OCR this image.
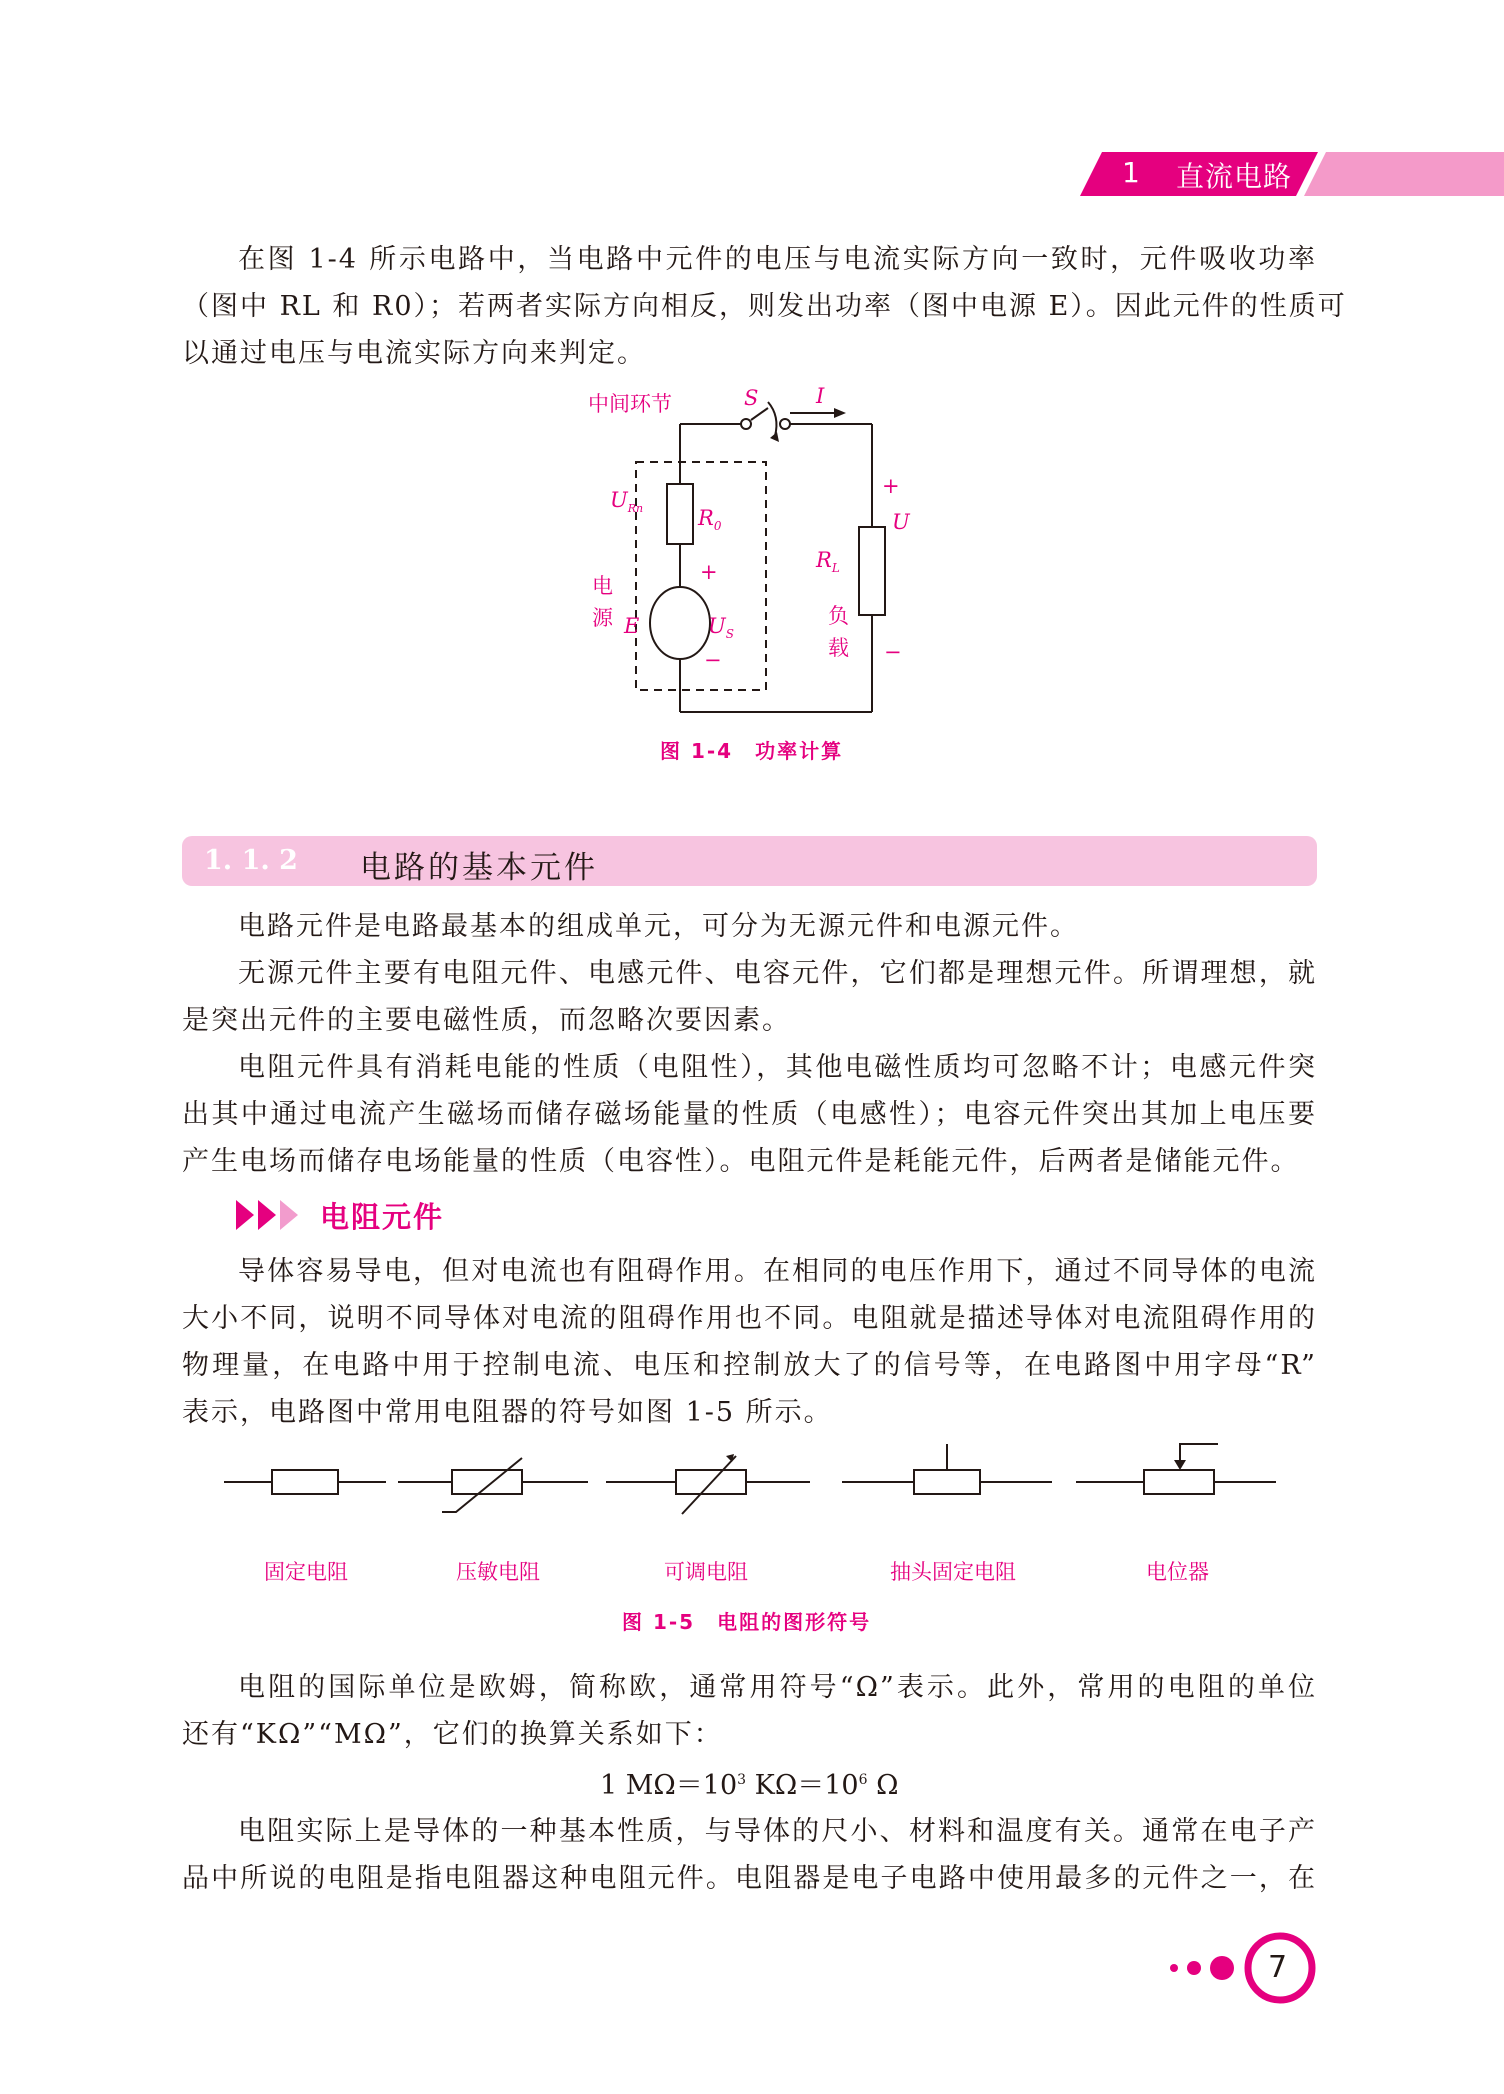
1 直流电路
在图 1-4 所示电路中，当电路中元件的电压与电流实际方向一致时，元件吸收功率
（图中 RL 和 R0）；若两者实际方向相反，则发出功率（图中电源 E）。因此元件的性质可
以通过电压与电流实际方向来判定。
中间环节	S	I
$U_{Rn}$	$R_0$
+
电
源 E	$U_S$
−
$R_L$
+
U
负
载 −
图 1-4　功率计算
1. 1. 2 电路的基本元件
电路元件是电路最基本的组成单元，可分为无源元件和电源元件。
无源元件主要有电阻元件、电感元件、电容元件，它们都是理想元件。所谓理想，就
是突出元件的主要电磁性质，而忽略次要因素。
电阻元件具有消耗电能的性质（电阻性），其他电磁性质均可忽略不计；电感元件突
出其中通过电流产生磁场而储存磁场能量的性质（电感性）；电容元件突出其加上电压要
产生电场而储存电场能量的性质（电容性）。电阻元件是耗能元件，后两者是储能元件。
电阻元件
导体容易导电，但对电流也有阻碍作用。在相同的电压作用下，通过不同导体的电流
大小不同，说明不同导体对电流的阻碍作用也不同。电阻就是描述导体对电流阻碍作用的
物理量，在电路中用于控制电流、电压和控制放大了的信号等，在电路图中用字母“R”
表示，电路图中常用电阻器的符号如图 1-5 所示。
固定电阻	压敏电阻	可调电阻	抽头固定电阻	电位器
图 1-5　电阻的图形符号
电阻的国际单位是欧姆，简称欧，通常用符号“Ω”表示。此外，常用的电阻的单位
还有“KΩ”“MΩ”，它们的换算关系如下：
1 $M\Omega=10^3$ $K\Omega=10^6$ Ω
电阻实际上是导体的一种基本性质，与导体的尺小、材料和温度有关。通常在电子产
品中所说的电阻是指电阻器这种电阻元件。电阻器是电子电路中使用最多的元件之一，在
7
